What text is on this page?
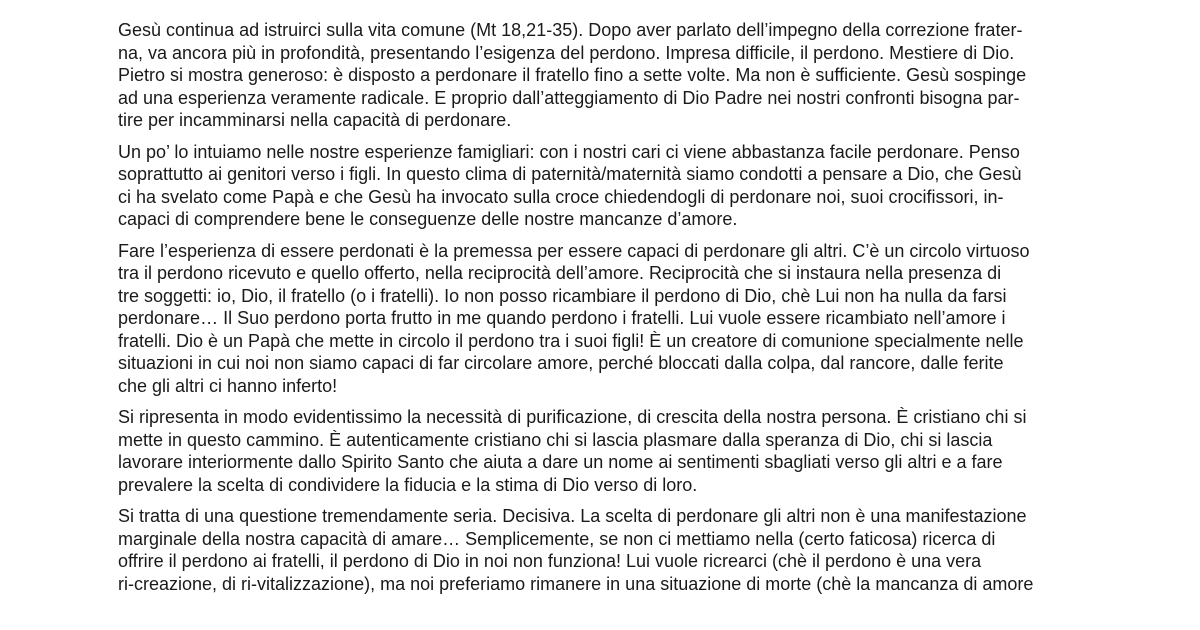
Gesù continua ad istruirci sulla vita comune (Mt 18,21-35). Dopo aver parlato dell’impegno della correzione frater-
na, va ancora più in profondità, presentando l’esigenza del perdono. Impresa difficile, il perdono. Mestiere di Dio.
Pietro si mostra generoso: è disposto a perdonare il fratello fino a sette volte. Ma non è sufficiente. Gesù sospinge
ad una esperienza veramente radicale. E proprio dall’atteggiamento di Dio Padre nei nostri confronti bisogna par-
tire per incamminarsi nella capacità di perdonare.

Un po’ lo intuiamo nelle nostre esperienze famigliari: con i nostri cari ci viene abbastanza facile perdonare. Penso
soprattutto ai genitori verso i figli. In questo clima di paternità/maternità siamo condotti a pensare a Dio, che Gesù
ci ha svelato come Papà e che Gesù ha invocato sulla croce chiedendogli di perdonare noi, suoi crocifissori, in-
capaci di comprendere bene le conseguenze delle nostre mancanze d’amore.

Fare l’esperienza di essere perdonati è la premessa per essere capaci di perdonare gli altri. C’è un circolo virtuoso
tra il perdono ricevuto e quello offerto, nella reciprocità dell’amore. Reciprocità che si instaura nella presenza di
tre soggetti: io, Dio, il fratello (o i fratelli). Io non posso ricambiare il perdono di Dio, chè Lui non ha nulla da farsi
perdonare… Il Suo perdono porta frutto in me quando perdono i fratelli. Lui vuole essere ricambiato nell’amore i
fratelli. Dio è un Papà che mette in circolo il perdono tra i suoi figli! È un creatore di comunione specialmente nelle
situazioni in cui noi non siamo capaci di far circolare amore, perché bloccati dalla colpa, dal rancore, dalle ferite
che gli altri ci hanno inferto!

Si ripresenta in modo evidentissimo la necessità di purificazione, di crescita della nostra persona. È cristiano chi si
mette in questo cammino. È autenticamente cristiano chi si lascia plasmare dalla speranza di Dio, chi si lascia
lavorare interiormente dallo Spirito Santo che aiuta a dare un nome ai sentimenti sbagliati verso gli altri e a fare
prevalere la scelta di condividere la fiducia e la stima di Dio verso di loro.

Si tratta di una questione tremendamente seria. Decisiva. La scelta di perdonare gli altri non è una manifestazione
marginale della nostra capacità di amare… Semplicemente, se non ci mettiamo nella (certo faticosa) ricerca di
offrire il perdono ai fratelli, il perdono di Dio in noi non funziona! Lui vuole ricrearci (chè il perdono è una vera
ri-creazione, di ri-vitalizzazione), ma noi preferiamo rimanere in una situazione di morte (chè la mancanza di amore
